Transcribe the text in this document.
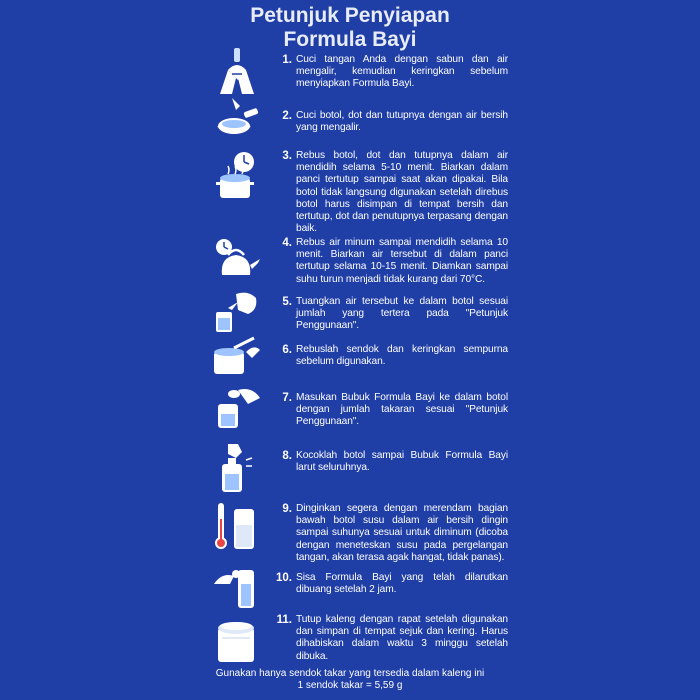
Petunjuk Penyiapan
Formula Bayi
1. Cuci tangan Anda dengan sabun dan air mengalir, kemudian keringkan sebelum menyiapkan Formula Bayi.
2. Cuci botol, dot dan tutupnya dengan air bersih yang mengalir.
3. Rebus botol, dot dan tutupnya dalam air mendidih selama 5-10 menit. Biarkan dalam panci tertutup sampai saat akan dipakai. Bila botol tidak langsung digunakan setelah direbus botol harus disimpan di tempat bersih dan tertutup, dot dan penutupnya terpasang dengan baik.
4. Rebus air minum sampai mendidih selama 10 menit. Biarkan air tersebut di dalam panci tertutup selama 10-15 menit. Diamkan sampai suhu turun menjadi tidak kurang dari 70°C.
5. Tuangkan air tersebut ke dalam botol sesuai jumlah yang tertera pada "Petunjuk Penggunaan".
6. Rebuslah sendok dan keringkan sempurna sebelum digunakan.
7. Masukan Bubuk Formula Bayi ke dalam botol dengan jumlah takaran sesuai "Petunjuk Penggunaan".
8. Kocoklah botol sampai Bubuk Formula Bayi larut seluruhnya.
9. Dinginkan segera dengan merendam bagian bawah botol susu dalam air bersih dingin sampai suhunya sesuai untuk diminum (dicoba dengan meneteskan susu pada pergelangan tangan, akan terasa agak hangat, tidak panas).
10. Sisa Formula Bayi yang telah dilarutkan dibuang setelah 2 jam.
11. Tutup kaleng dengan rapat setelah digunakan dan simpan di tempat sejuk dan kering. Harus dihabiskan dalam waktu 3 minggu setelah dibuka.
Gunakan hanya sendok takar yang tersedia dalam kaleng ini
1 sendok takar = 5,59 g
